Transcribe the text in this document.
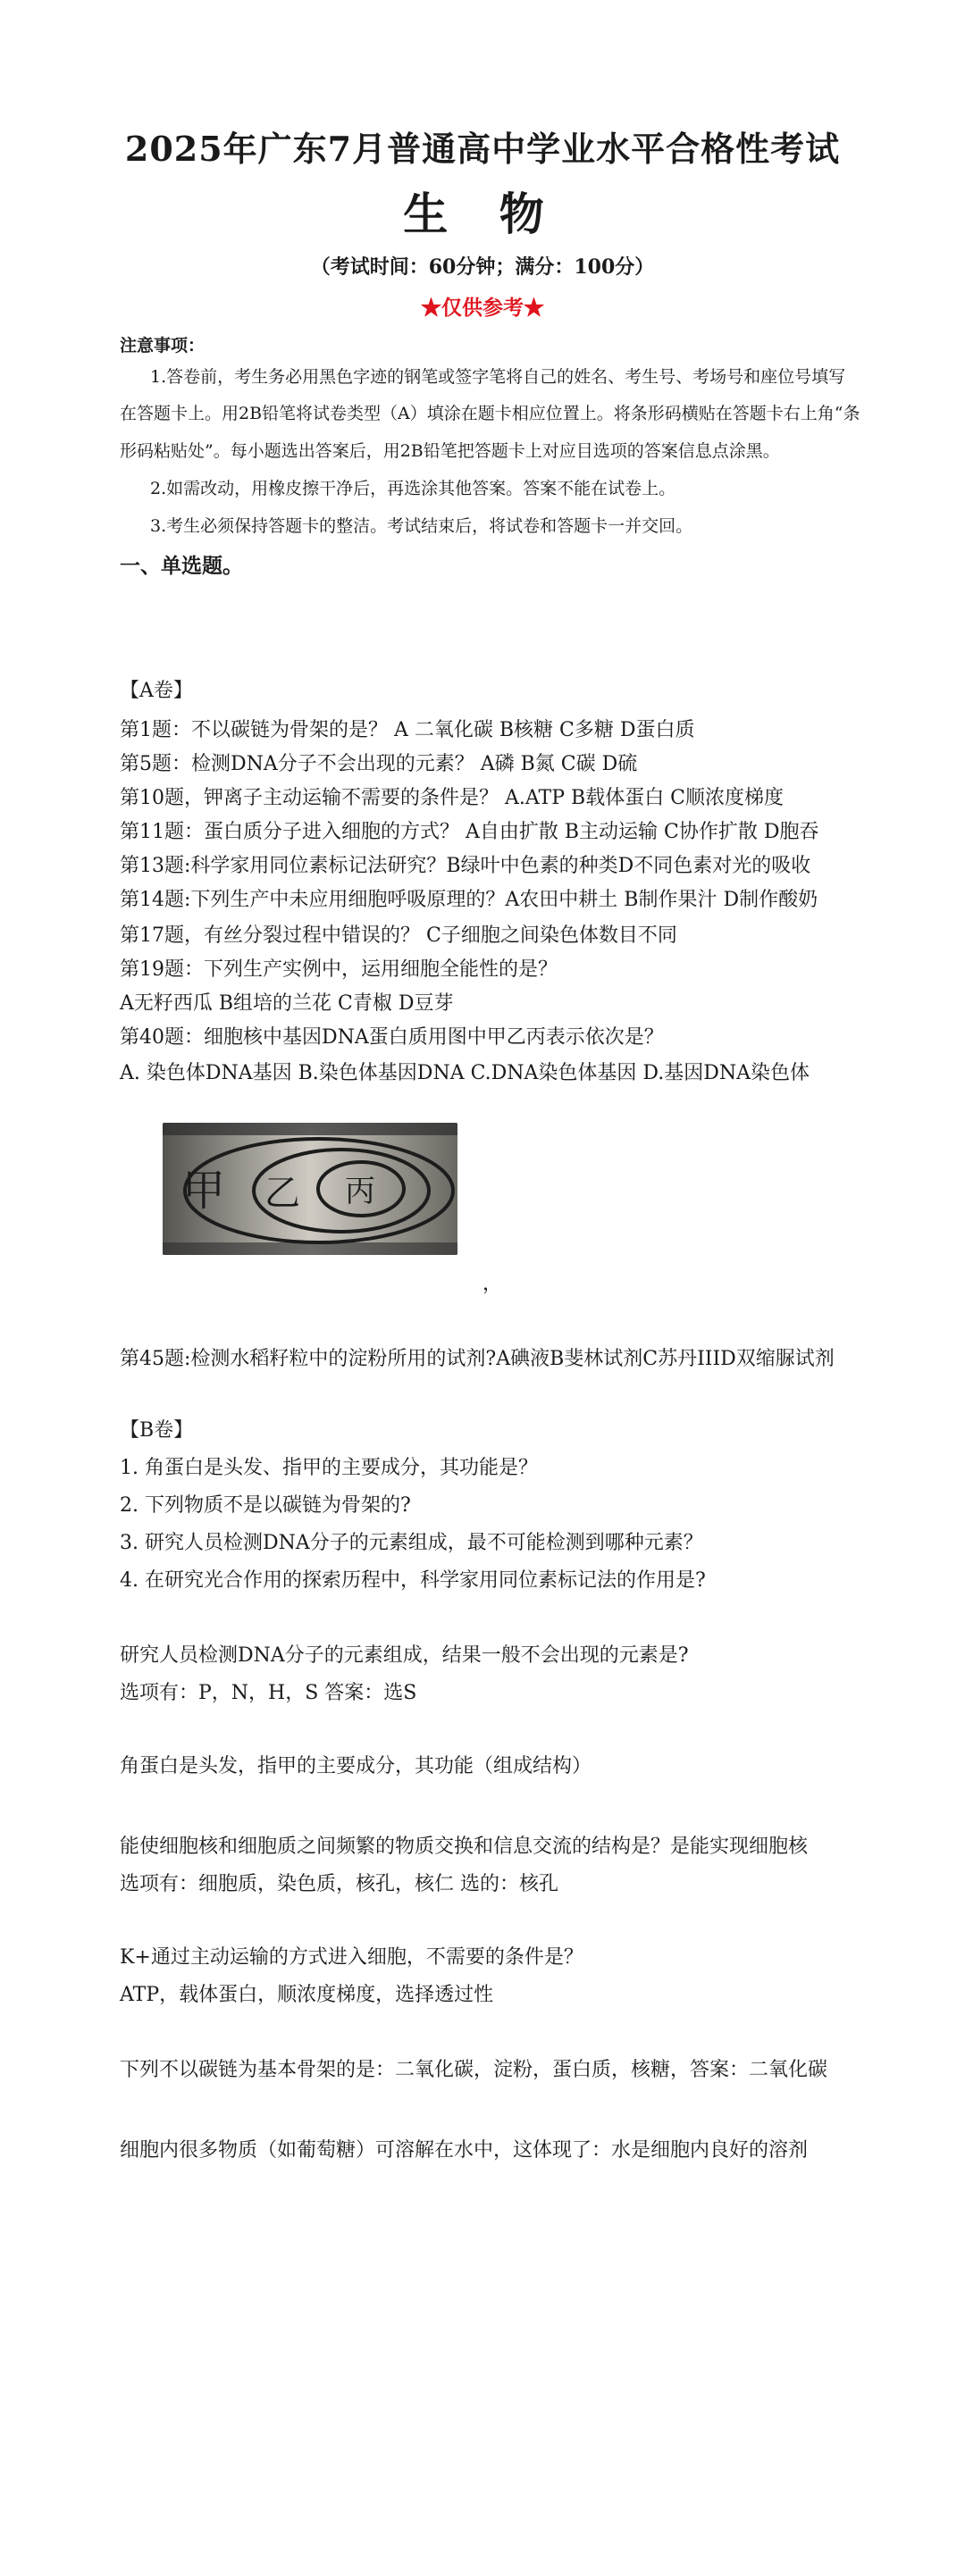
2025年广东7月普通高中学业水平合格性考试
生 物
（考试时间：60分钟；满分：100分）
★仅供参考★
注意事项：
1.答卷前，考生务必用黑色字迹的钢笔或签字笔将自己的姓名、考生号、考场号和座位号填写
在答题卡上。用2B铅笔将试卷类型（A）填涂在题卡相应位置上。将条形码横贴在答题卡右上角“条
形码粘贴处”。每小题选出答案后，用2B铅笔把答题卡上对应目选项的答案信息点涂黑。
2.如需改动，用橡皮擦干净后，再选涂其他答案。答案不能在试卷上。
3.考生必须保持答题卡的整洁。考试结束后，将试卷和答题卡一并交回。
一、单选题。
【A卷】
第1题：不以碳链为骨架的是？ A 二氧化碳 B核糖 C多糖 D蛋白质
第5题：检测DNA分子不会出现的元素？ A磷 B氮 C碳 D硫
第10题，钾离子主动运输不需要的条件是？ A.ATP B载体蛋白 C顺浓度梯度
第11题：蛋白质分子进入细胞的方式？ A自由扩散 B主动运输 C协作扩散 D胞吞
第13题:科学家用同位素标记法研究？B绿叶中色素的种类D不同色素对光的吸收
第14题:下列生产中未应用细胞呼吸原理的？A农田中耕土 B制作果汁 D制作酸奶
第17题，有丝分裂过程中错误的？ C子细胞之间染色体数目不同
第19题：下列生产实例中，运用细胞全能性的是？
A无籽西瓜 B组培的兰花 C青椒 D豆芽
第40题：细胞核中基因DNA蛋白质用图中甲乙丙表示依次是？
A. 染色体DNA基因 B.染色体基因DNA C.DNA染色体基因 D.基因DNA染色体
甲 乙 丙
，
第45题:检测水稻籽粒中的淀粉所用的试剂?A碘液B斐林试剂C苏丹IIID双缩脲试剂
【B卷】
1. 角蛋白是头发、指甲的主要成分，其功能是？
2. 下列物质不是以碳链为骨架的?
3. 研究人员检测DNA分子的元素组成，最不可能检测到哪种元素？
4. 在研究光合作用的探索历程中，科学家用同位素标记法的作用是?
研究人员检测DNA分子的元素组成，结果一般不会出现的元素是?
选项有：P，N，H，S 答案：选S
角蛋白是头发，指甲的主要成分，其功能（组成结构）
能使细胞核和细胞质之间频繁的物质交换和信息交流的结构是？是能实现细胞核
选项有：细胞质，染色质，核孔，核仁 选的：核孔
K+通过主动运输的方式进入细胞，不需要的条件是？
ATP，载体蛋白，顺浓度梯度，选择透过性
下列不以碳链为基本骨架的是：二氧化碳，淀粉，蛋白质，核糖，答案：二氧化碳
细胞内很多物质（如葡萄糖）可溶解在水中，这体现了：水是细胞内良好的溶剂
